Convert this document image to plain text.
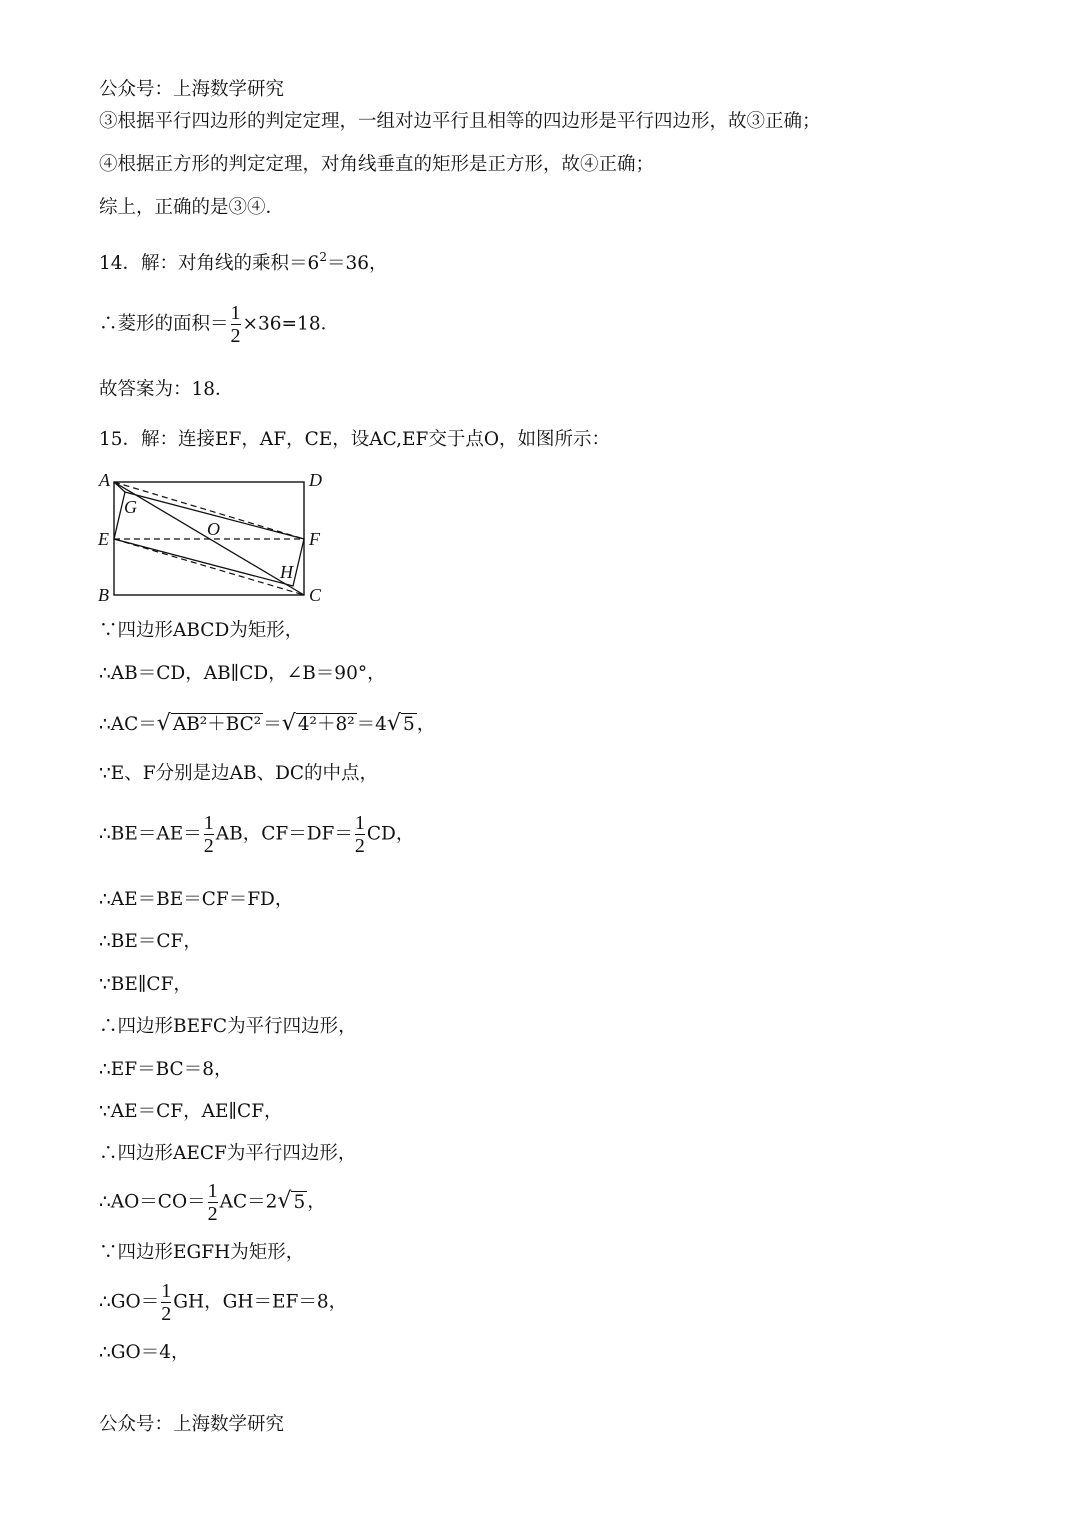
公众号：上海数学研究
③根据平行四边形的判定定理，一组对边平行且相等的四边形是平行四边形，故③正确；
④根据正方形的判定定理，对角线垂直的矩形是正方形，故④正确；
综上，正确的是③④．
14．解：对角线的乘积$=6^2=36$，
∴菱形的面积＝ $\frac{1}{2} \times 36=18$．
故答案为：18．
15．解：连接EF，AF，CE，设AC,EF交于点O，如图所示：
A	D
G
O
E	F
H
B	C
∵四边形ABCD为矩形，
∴AB＝CD，AB∥CD，∠B＝90°，
∴AC＝√ AB²＋BC² ＝√ 4²＋8² ＝4√ 5 ，
∵E、F分别是边AB、DC的中点，
∴BE＝AE＝ $\frac{1}{2}$ AB，$CF=DF= \frac{1}{2}$ CD，
∴AE＝BE＝CF＝FD，
∴BE＝CF，
∵BE∥CF，
∴四边形BEFC为平行四边形，
∴EF＝BC＝8，
∵AE＝CF，AE∥CF，
∴四边形AECF为平行四边形，
∴AO＝CO＝ $\frac{1}{2} AC=2√$ 5 ，
∵四边形EGFH为矩形，
∴GO＝ $\frac{1}{2}$ GH，GH＝EF＝8，
∴GO＝4，
公众号：上海数学研究
